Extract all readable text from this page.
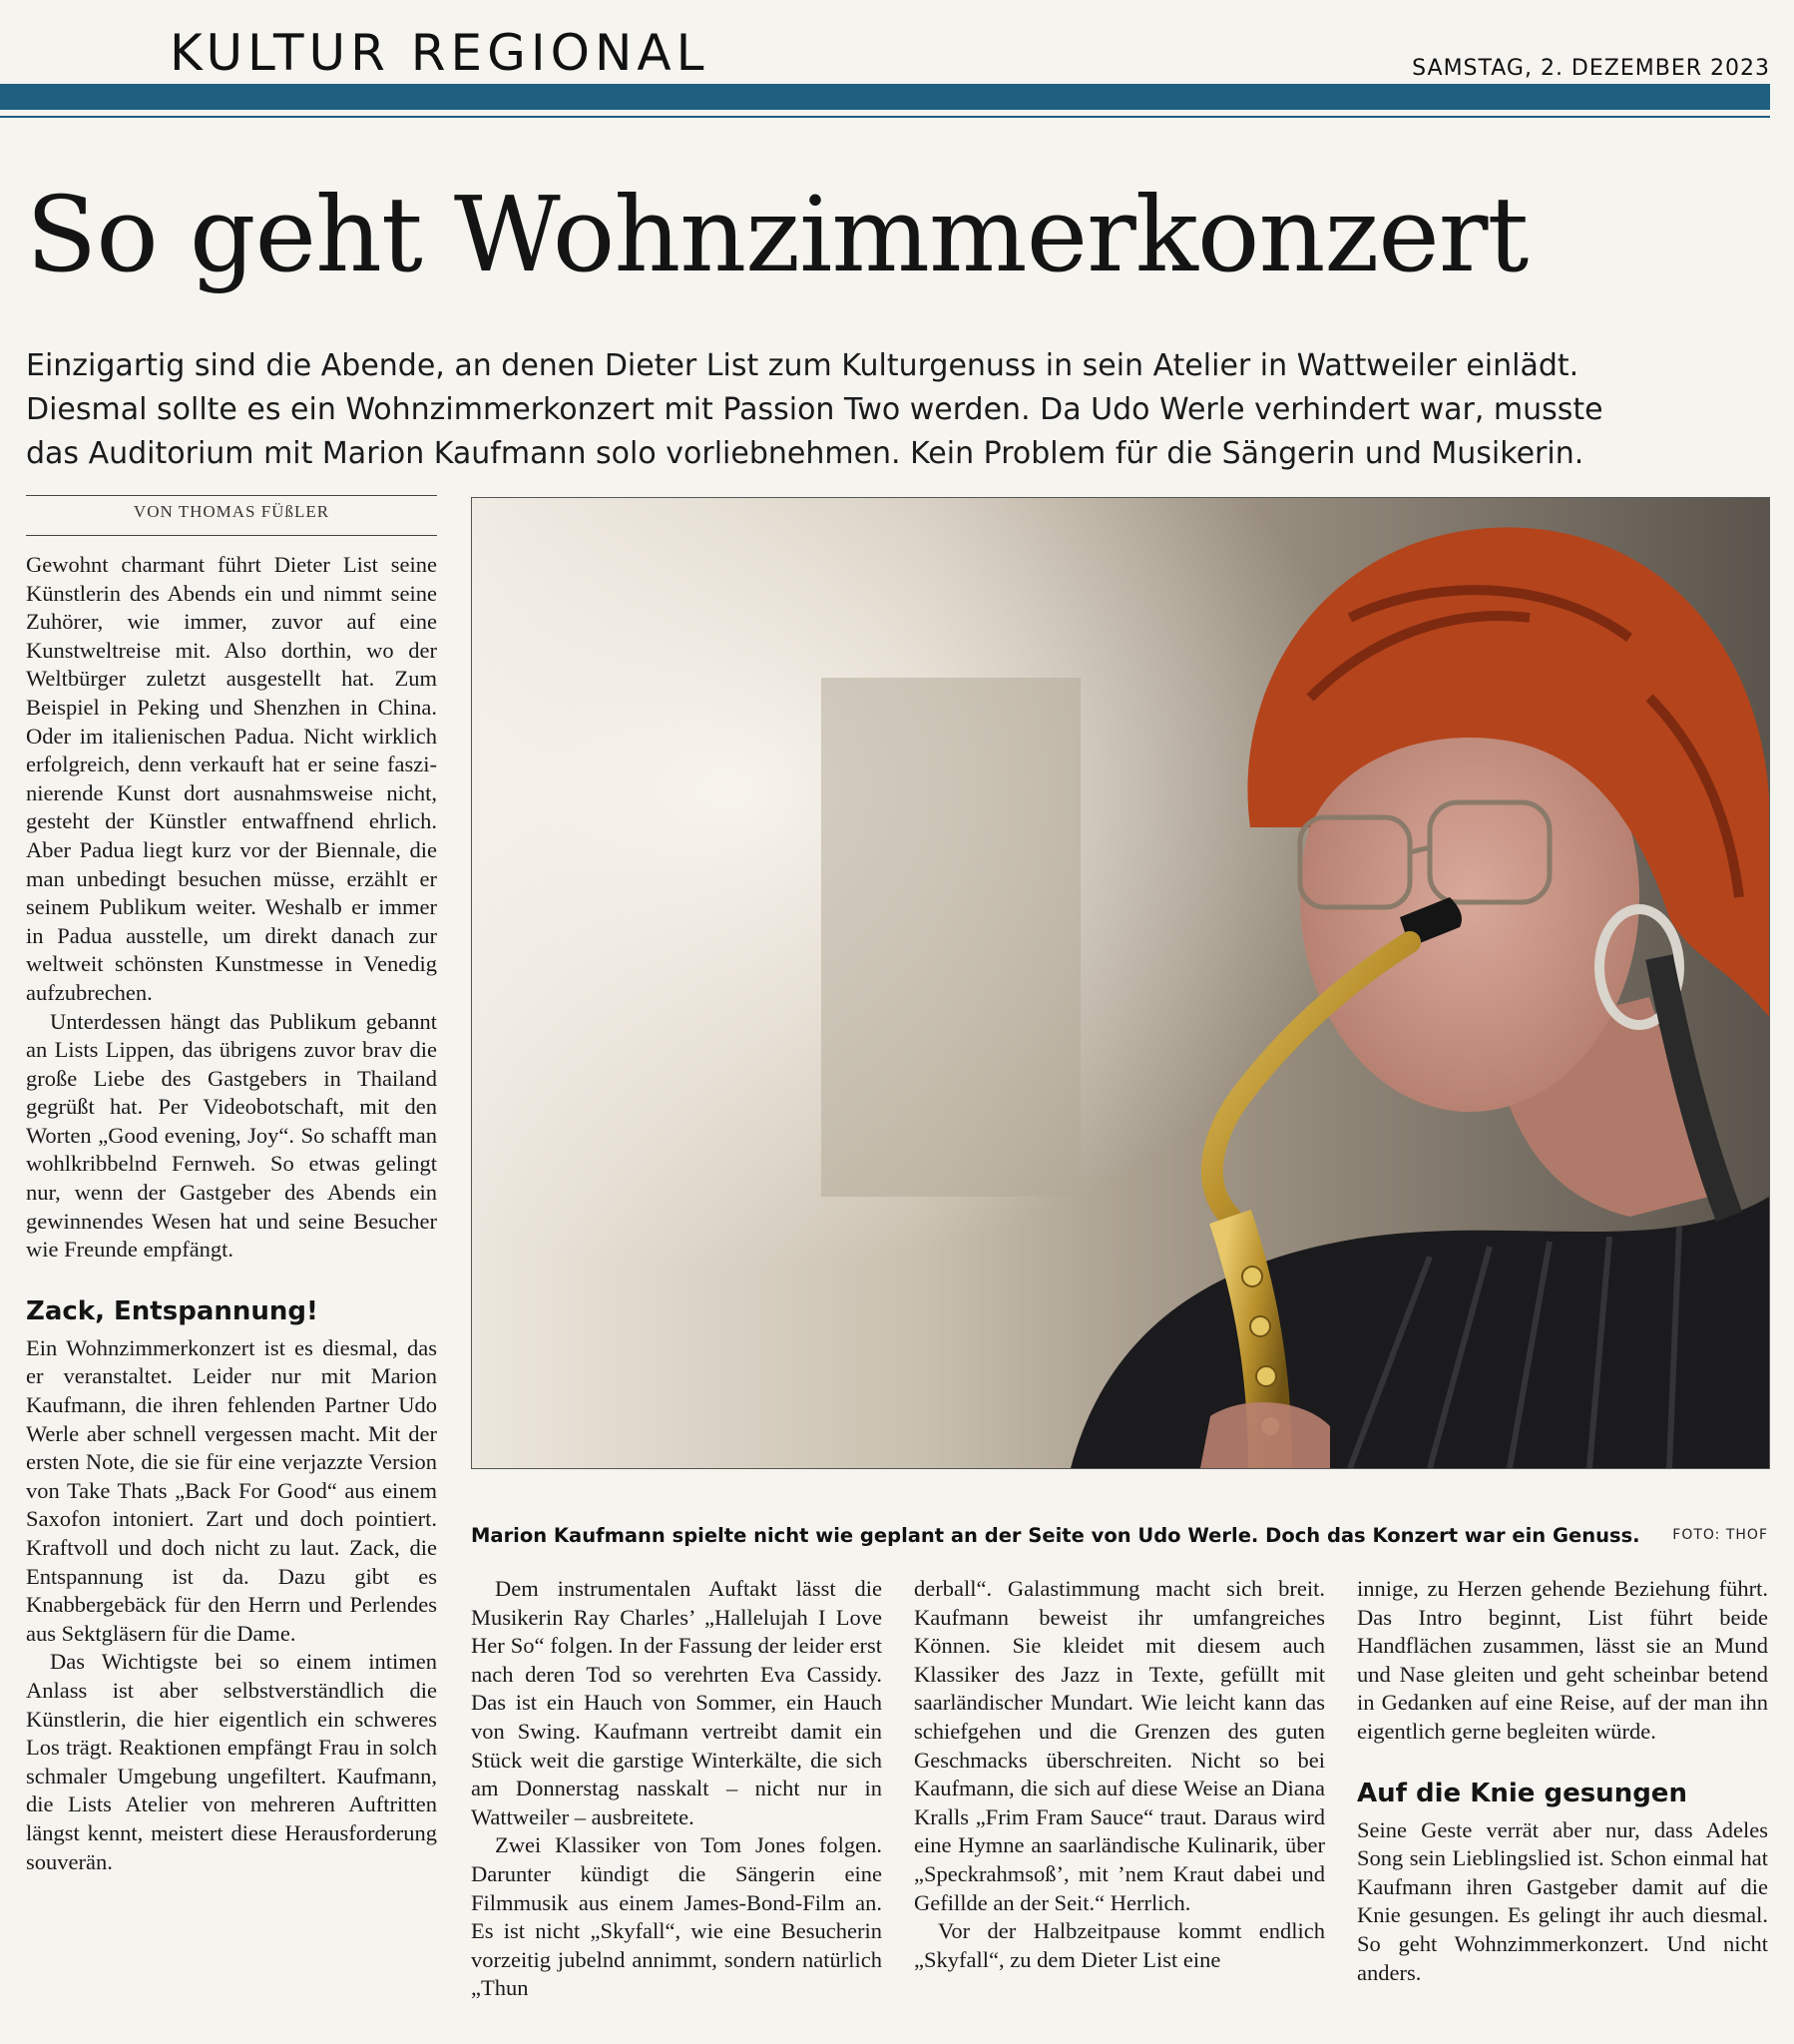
KULTUR REGIONAL	SAMSTAG, 2. DEZEMBER 2023
So geht Wohnzimmerkonzert
Einzigartig sind die Abende, an denen Dieter List zum Kulturgenuss in sein Atelier in Wattweiler einlädt.
Diesmal sollte es ein Wohnzimmerkonzert mit Passion Two werden. Da Udo Werle verhindert war, musste
das Auditorium mit Marion Kaufmann solo vorliebnehmen. Kein Problem für die Sängerin und Musikerin.
VON THOMAS FÜßLER

Gewohnt charmant führt Dieter List seine Künstlerin des Abends ein und nimmt seine Zuhörer, wie immer, zuvor auf eine Kunstweltreise mit. Also dorthin, wo der Weltbürger zuletzt ausgestellt hat. Zum Beispiel in Peking und Shenzhen in China. Oder im italienischen Padua. Nicht wirklich erfolgreich, denn verkauft hat er seine faszinierende Kunst dort ausnahmsweise nicht, gesteht der Künstler entwaffnend ehrlich. Aber Padua liegt kurz vor der Biennale, die man unbedingt besuchen müsse, erzählt er seinem Publikum weiter. Weshalb er immer in Padua ausstelle, um direkt danach zur weltweit schönsten Kunstmesse in Venedig aufzubrechen.

Unterdessen hängt das Publikum gebannt an Lists Lippen, das übrigens zuvor brav die große Liebe des Gastgebers in Thailand gegrüßt hat. Per Videobotschaft, mit den Worten „Good evening, Joy“. So schafft man wohlkribbelnd Fernweh. So etwas gelingt nur, wenn der Gastgeber des Abends ein gewinnendes Wesen hat und seine Besucher wie Freunde empfängt.

Zack, Entspannung!

Ein Wohnzimmerkonzert ist es diesmal, das er veranstaltet. Leider nur mit Marion Kaufmann, die ihren fehlenden Partner Udo Werle aber schnell vergessen macht. Mit der ersten Note, die sie für eine verjazzte Version von Take Thats „Back For Good“ aus einem Saxofon intoniert. Zart und doch pointiert. Kraftvoll und doch nicht zu laut. Zack, die Entspannung ist da. Dazu gibt es Knabbergebäck für den Herrn und Perlendes aus Sektgläsern für die Dame.

Das Wichtigste bei so einem intimen Anlass ist aber selbstverständlich die Künstlerin, die hier eigentlich ein schweres Los trägt. Reaktionen empfängt Frau in solch schmaler Umgebung ungefiltert. Kaufmann, die Lists Atelier von mehreren Auftritten längst kennt, meistert diese Herausforderung souverän.

Marion Kaufmann spielte nicht wie geplant an der Seite von Udo Werle. Doch das Konzert war ein Genuss.	FOTO: THOF

Dem instrumentalen Auftakt lässt die Musikerin Ray Charles’ „Hallelujah I Love Her So“ folgen. In der Fassung der leider erst nach deren Tod so verehrten Eva Cassidy. Das ist ein Hauch von Sommer, ein Hauch von Swing. Kaufmann vertreibt damit ein Stück weit die garstige Winterkälte, die sich am Donnerstag nasskalt – nicht nur in Wattweiler – ausbreitete.

Zwei Klassiker von Tom Jones folgen. Darunter kündigt die Sängerin eine Filmmusik aus einem James-Bond-Film an. Es ist nicht „Skyfall“, wie eine Besucherin vorzeitig jubelnd annimmt, sondern natürlich „Thun

derball“. Galastimmung macht sich breit. Kaufmann beweist ihr umfangreiches Können. Sie kleidet mit diesem auch Klassiker des Jazz in Texte, gefüllt mit saarländischer Mundart. Wie leicht kann das schiefgehen und die Grenzen des guten Geschmacks überschreiten. Nicht so bei Kaufmann, die sich auf diese Weise an Diana Kralls „Frim Fram Sauce“ traut. Daraus wird eine Hymne an saarländische Kulinarik, über „Speckrahmsoß’, mit ’nem Kraut dabei und Gefillde an der Seit.“ Herrlich.

Vor der Halbzeitpause kommt endlich „Skyfall“, zu dem Dieter List eine

innige, zu Herzen gehende Beziehung führt. Das Intro beginnt, List führt beide Handflächen zusammen, lässt sie an Mund und Nase gleiten und geht scheinbar betend in Gedanken auf eine Reise, auf der man ihn eigentlich gerne begleiten würde.

Auf die Knie gesungen

Seine Geste verrät aber nur, dass Adeles Song sein Lieblingslied ist. Schon einmal hat Kaufmann ihren Gastgeber damit auf die Knie gesungen. Es gelingt ihr auch diesmal. So geht Wohnzimmerkonzert. Und nicht anders.
